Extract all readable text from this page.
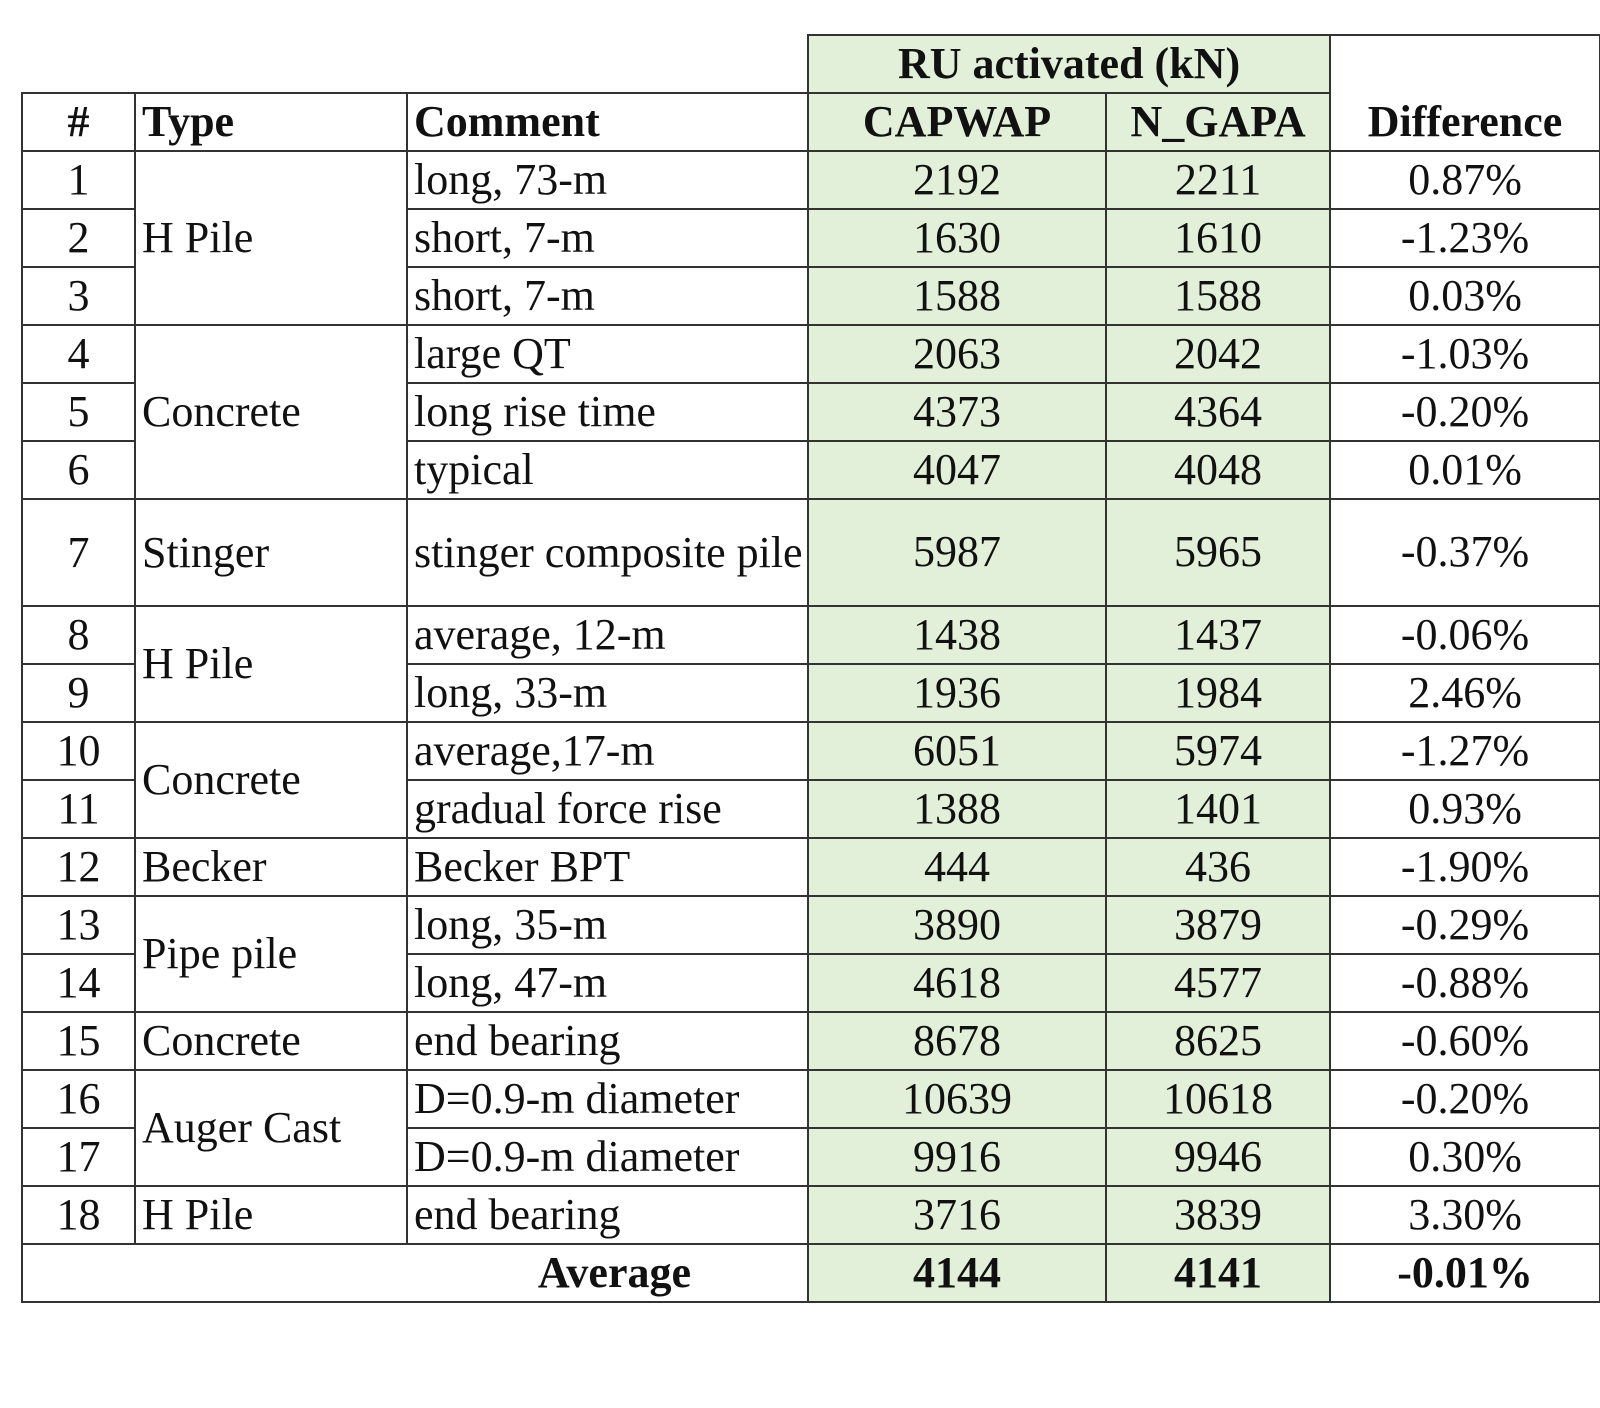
			RU activated (kN)		
#	Type	Comment	CAPWAP	N_GAPA	Difference
1	H Pile	long, 73-m	2192	2211	0.87%
2		short, 7-m	1630	1610	-1.23%
3		short, 7-m	1588	1588	0.03%
4	Concrete	large QT	2063	2042	-1.03%
5		long rise time	4373	4364	-0.20%
6		typical	4047	4048	0.01%
7	Stinger	stinger composite pile	5987	5965	-0.37%
8	H Pile	average, 12-m	1438	1437	-0.06%
9		long, 33-m	1936	1984	2.46%
10	Concrete	average,17-m	6051	5974	-1.27%
11		gradual force rise	1388	1401	0.93%
12	Becker	Becker BPT	444	436	-1.90%
13	Pipe pile	long, 35-m	3890	3879	-0.29%
14		long, 47-m	4618	4577	-0.88%
15	Concrete	end bearing	8678	8625	-0.60%
16	Auger Cast	D=0.9-m diameter	10639	10618	-0.20%
17		D=0.9-m diameter	9916	9946	0.30%
18	H Pile	end bearing	3716	3839	3.30%
Average			4144	4141	-0.01%
